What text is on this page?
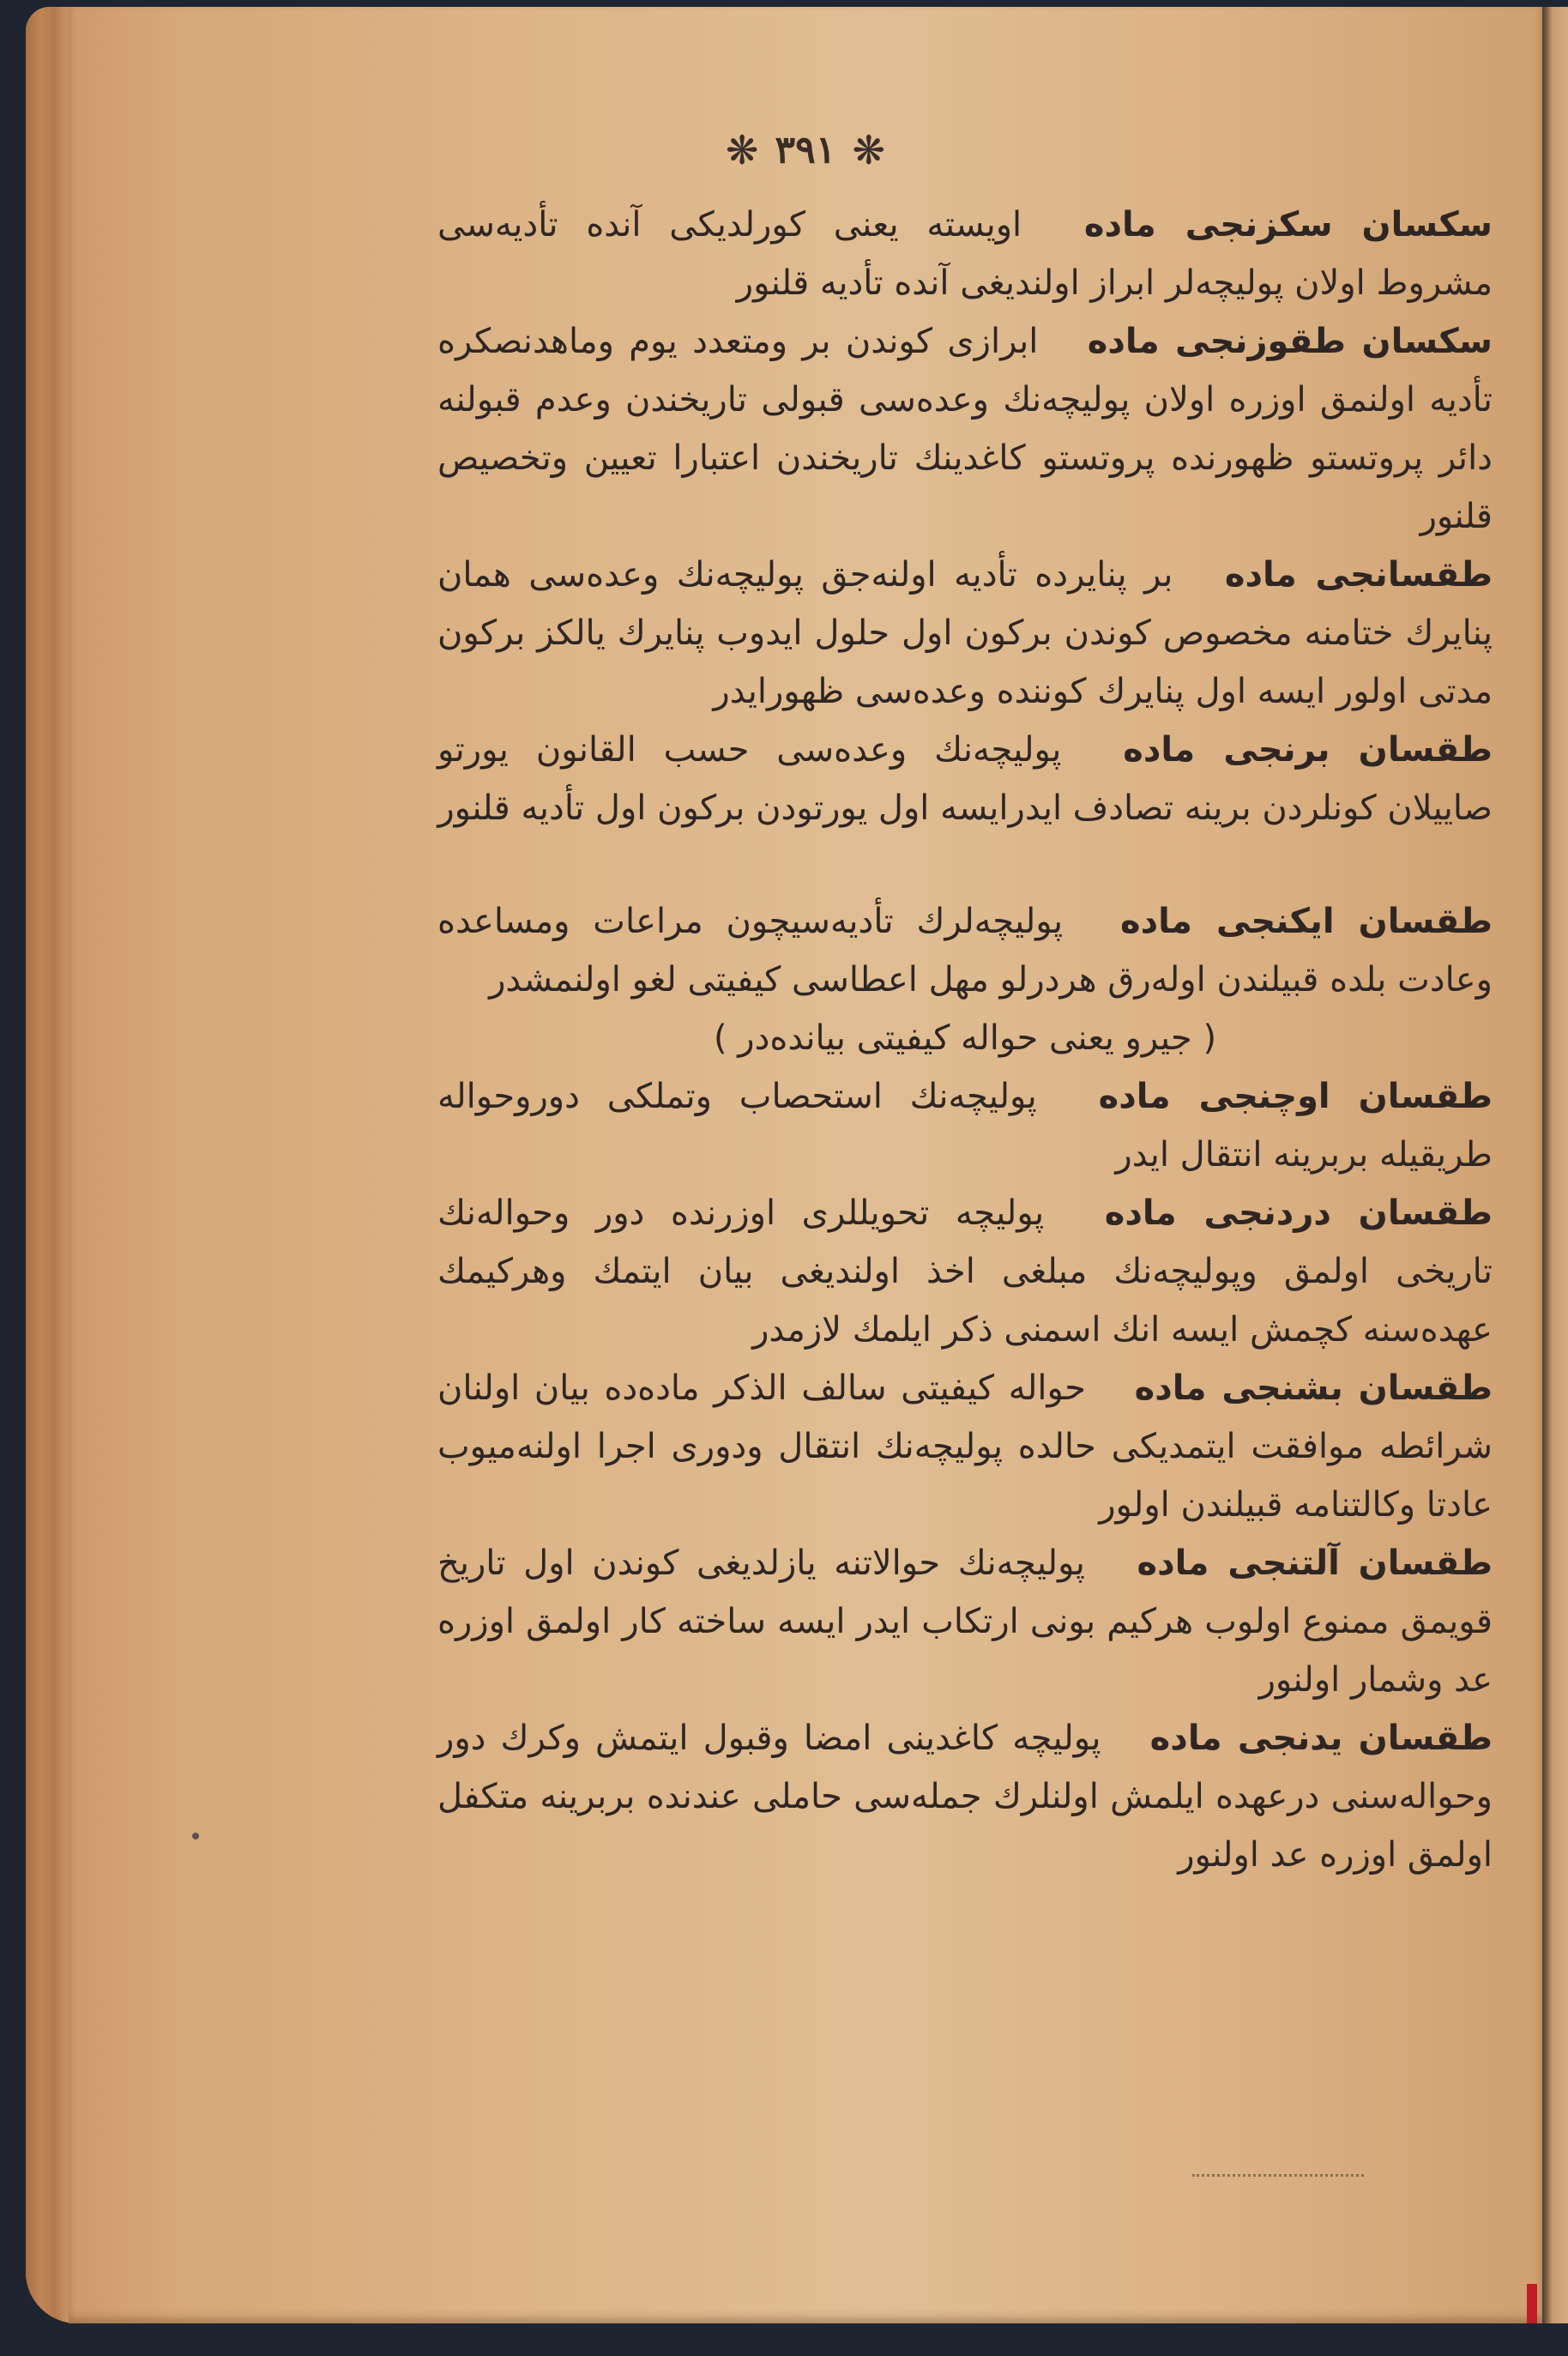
❋ ٣٩١ ❋

سکسان سکزنجی ماده اویسته یعنی کورلدیکی آنده تأدیه‌سی مشروط اولان پولیچه‌لر ابراز اولندیغی آنده تأدیه قلنور

سکسان طقوزنجی ماده ابرازی کوندن بر ومتعدد یوم وماهدنصکره تأدیه اولنمق اوزره اولان پولیچه‌نك وعده‌سی قبولی تاریخندن وعدم قبولنه دائر پروتستو ظهورنده پروتستو کاغدینك تاریخندن اعتبارا تعیین وتخصیص قلنور

طقسانجی ماده بر پنایرده تأدیه اولنه‌جق پولیچه‌نك وعده‌سی همان پنایرك ختامنه مخصوص کوندن برکون اول حلول ایدوب پنایرك یالکز برکون مدتی اولور ایسه اول پنایرك کوننده وعده‌سی ظهورایدر

طقسان برنجی ماده پولیچه‌نك وعده‌سی حسب القانون یورتو صاییلان کونلردن برینه تصادف ایدرایسه اول یورتودن برکون اول تأدیه قلنور

طقسان ایکنجی ماده پولیچه‌لرك تأدیه‌سیچون مراعات ومساعده وعادت بلده قبیلندن اوله‌رق هردرلو مهل اعطاسی کیفیتی لغو اولنمشدر

( جیرو یعنی حواله کیفیتی بیانده‌در )

طقسان اوچنجی ماده پولیچه‌نك استحصاب وتملکی دوروحواله طریقیله بربرینه انتقال ایدر

طقسان دردنجی ماده پولیچه تحویللری اوزرنده دور وحواله‌نك تاریخی اولمق وپولیچه‌نك مبلغی اخذ اولندیغی بیان ایتمك وهرکیمك عهده‌سنه کچمش ایسه انك اسمنی ذکر ایلمك لازمدر

طقسان بشنجی ماده حواله کیفیتی سالف الذکر ماده‌ده بیان اولنان شرائطه موافقت ایتمدیکی حالده پولیچه‌نك انتقال ودوری اجرا اولنه‌میوب عادتا وکالتنامه قبیلندن اولور

طقسان آلتنجی ماده پولیچه‌نك حوالاتنه یازلدیغی کوندن اول تاریخ قویمق ممنوع اولوب هرکیم بونی ارتکاب ایدر ایسه ساخته کار اولمق اوزره عد وشمار اولنور

طقسان یدنجی ماده پولیچه کاغدینی امضا وقبول ایتمش وکرك دور وحواله‌سنی درعهده ایلمش اولنلرك جمله‌سی حاملی عندنده بربرینه متکفل اولمق اوزره عد اولنور
